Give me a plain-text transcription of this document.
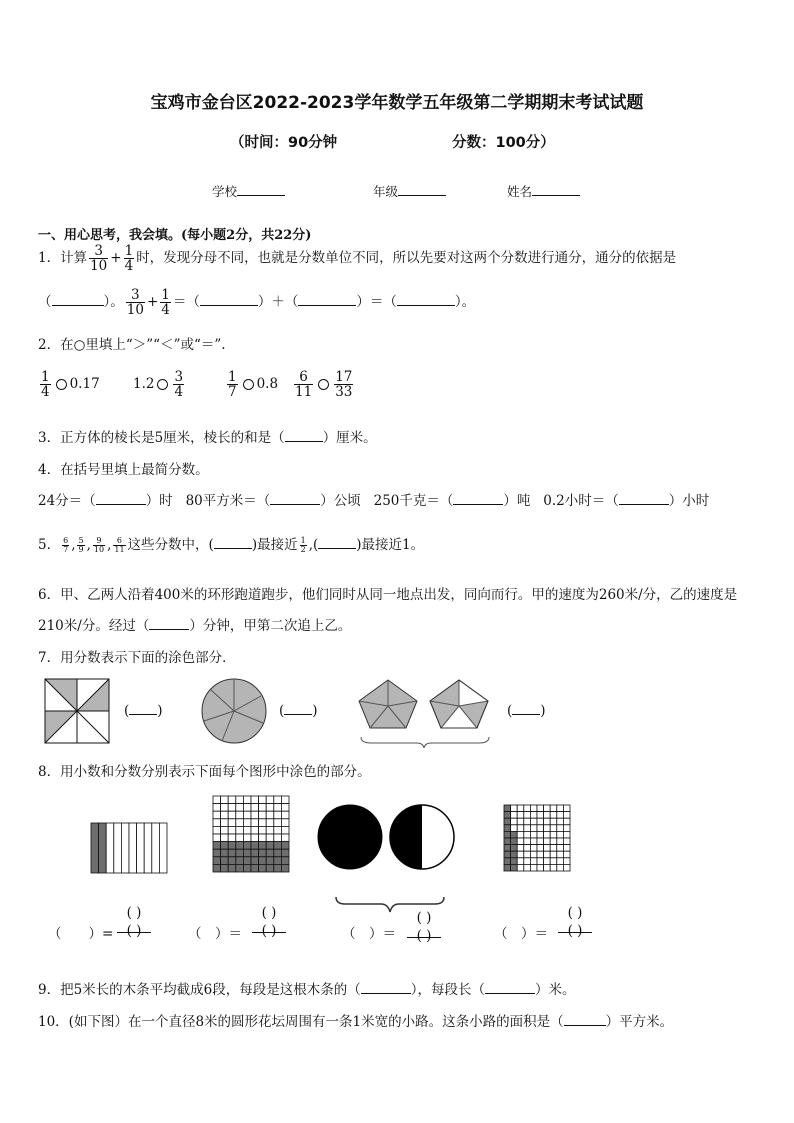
宝鸡市金台区2022-2023学年数学五年级第二学期期末考试试题
（时间：90分钟	分数：100分）
学校	年级	姓名
一、用心思考，我会填。(每小题2分，共22分)
1．计算 $\frac{3}{10} + \frac{1}{4}$ 时，发现分母不同，也就是分数单位不同，所以先要对这两个分数进行通分，通分的依据是
（	）。 $\frac{3}{10} + \frac{1}{4}$ ＝（	）＋（	）＝（	）。
2．在○里填上“＞”“＜”或“＝”.
$\frac{1}{4} 0.17$ $1.2 \frac{3}{4}$	$\frac{1}{7} 0.8 \frac{6}{11} \frac{17}{33}$
3．正方体的棱长是5厘米，棱长的和是（	）厘米。
4．在括号里填上最简分数。
24分＝（	）时 80平方米＝（	）公顷 250千克＝（	）吨 0.2小时＝（	）小时
5． $\frac{6}{7}$ , $\frac{5}{9}$ , $\frac{9}{10}$ , $\frac{6}{11}$ 这些分数中，(	)最接近 $\frac{1}{2}$ ,(	)最接近1。
6．甲、乙两人沿着400米的环形跑道跑步，他们同时从同一地点出发，同向而行。甲的速度为260米/分，乙的速度是
210米/分。经过（	）分钟，甲第二次追上乙。
7．用分数表示下面的涂色部分．
( )	( )	( )
8．用小数和分数分别表示下面每个图形中涂色的部分。
（　　）=
( )

( )	（　）＝
( )

( )	（　）＝
( )

( )	（　）＝
( )

( )
9．把5米长的木条平均截成6段，每段是这根木条的（	），每段长（	）米。
10．(如下图）在一个直径8米的圆形花坛周围有一条1米宽的小路。这条小路的面积是（	）平方米。
